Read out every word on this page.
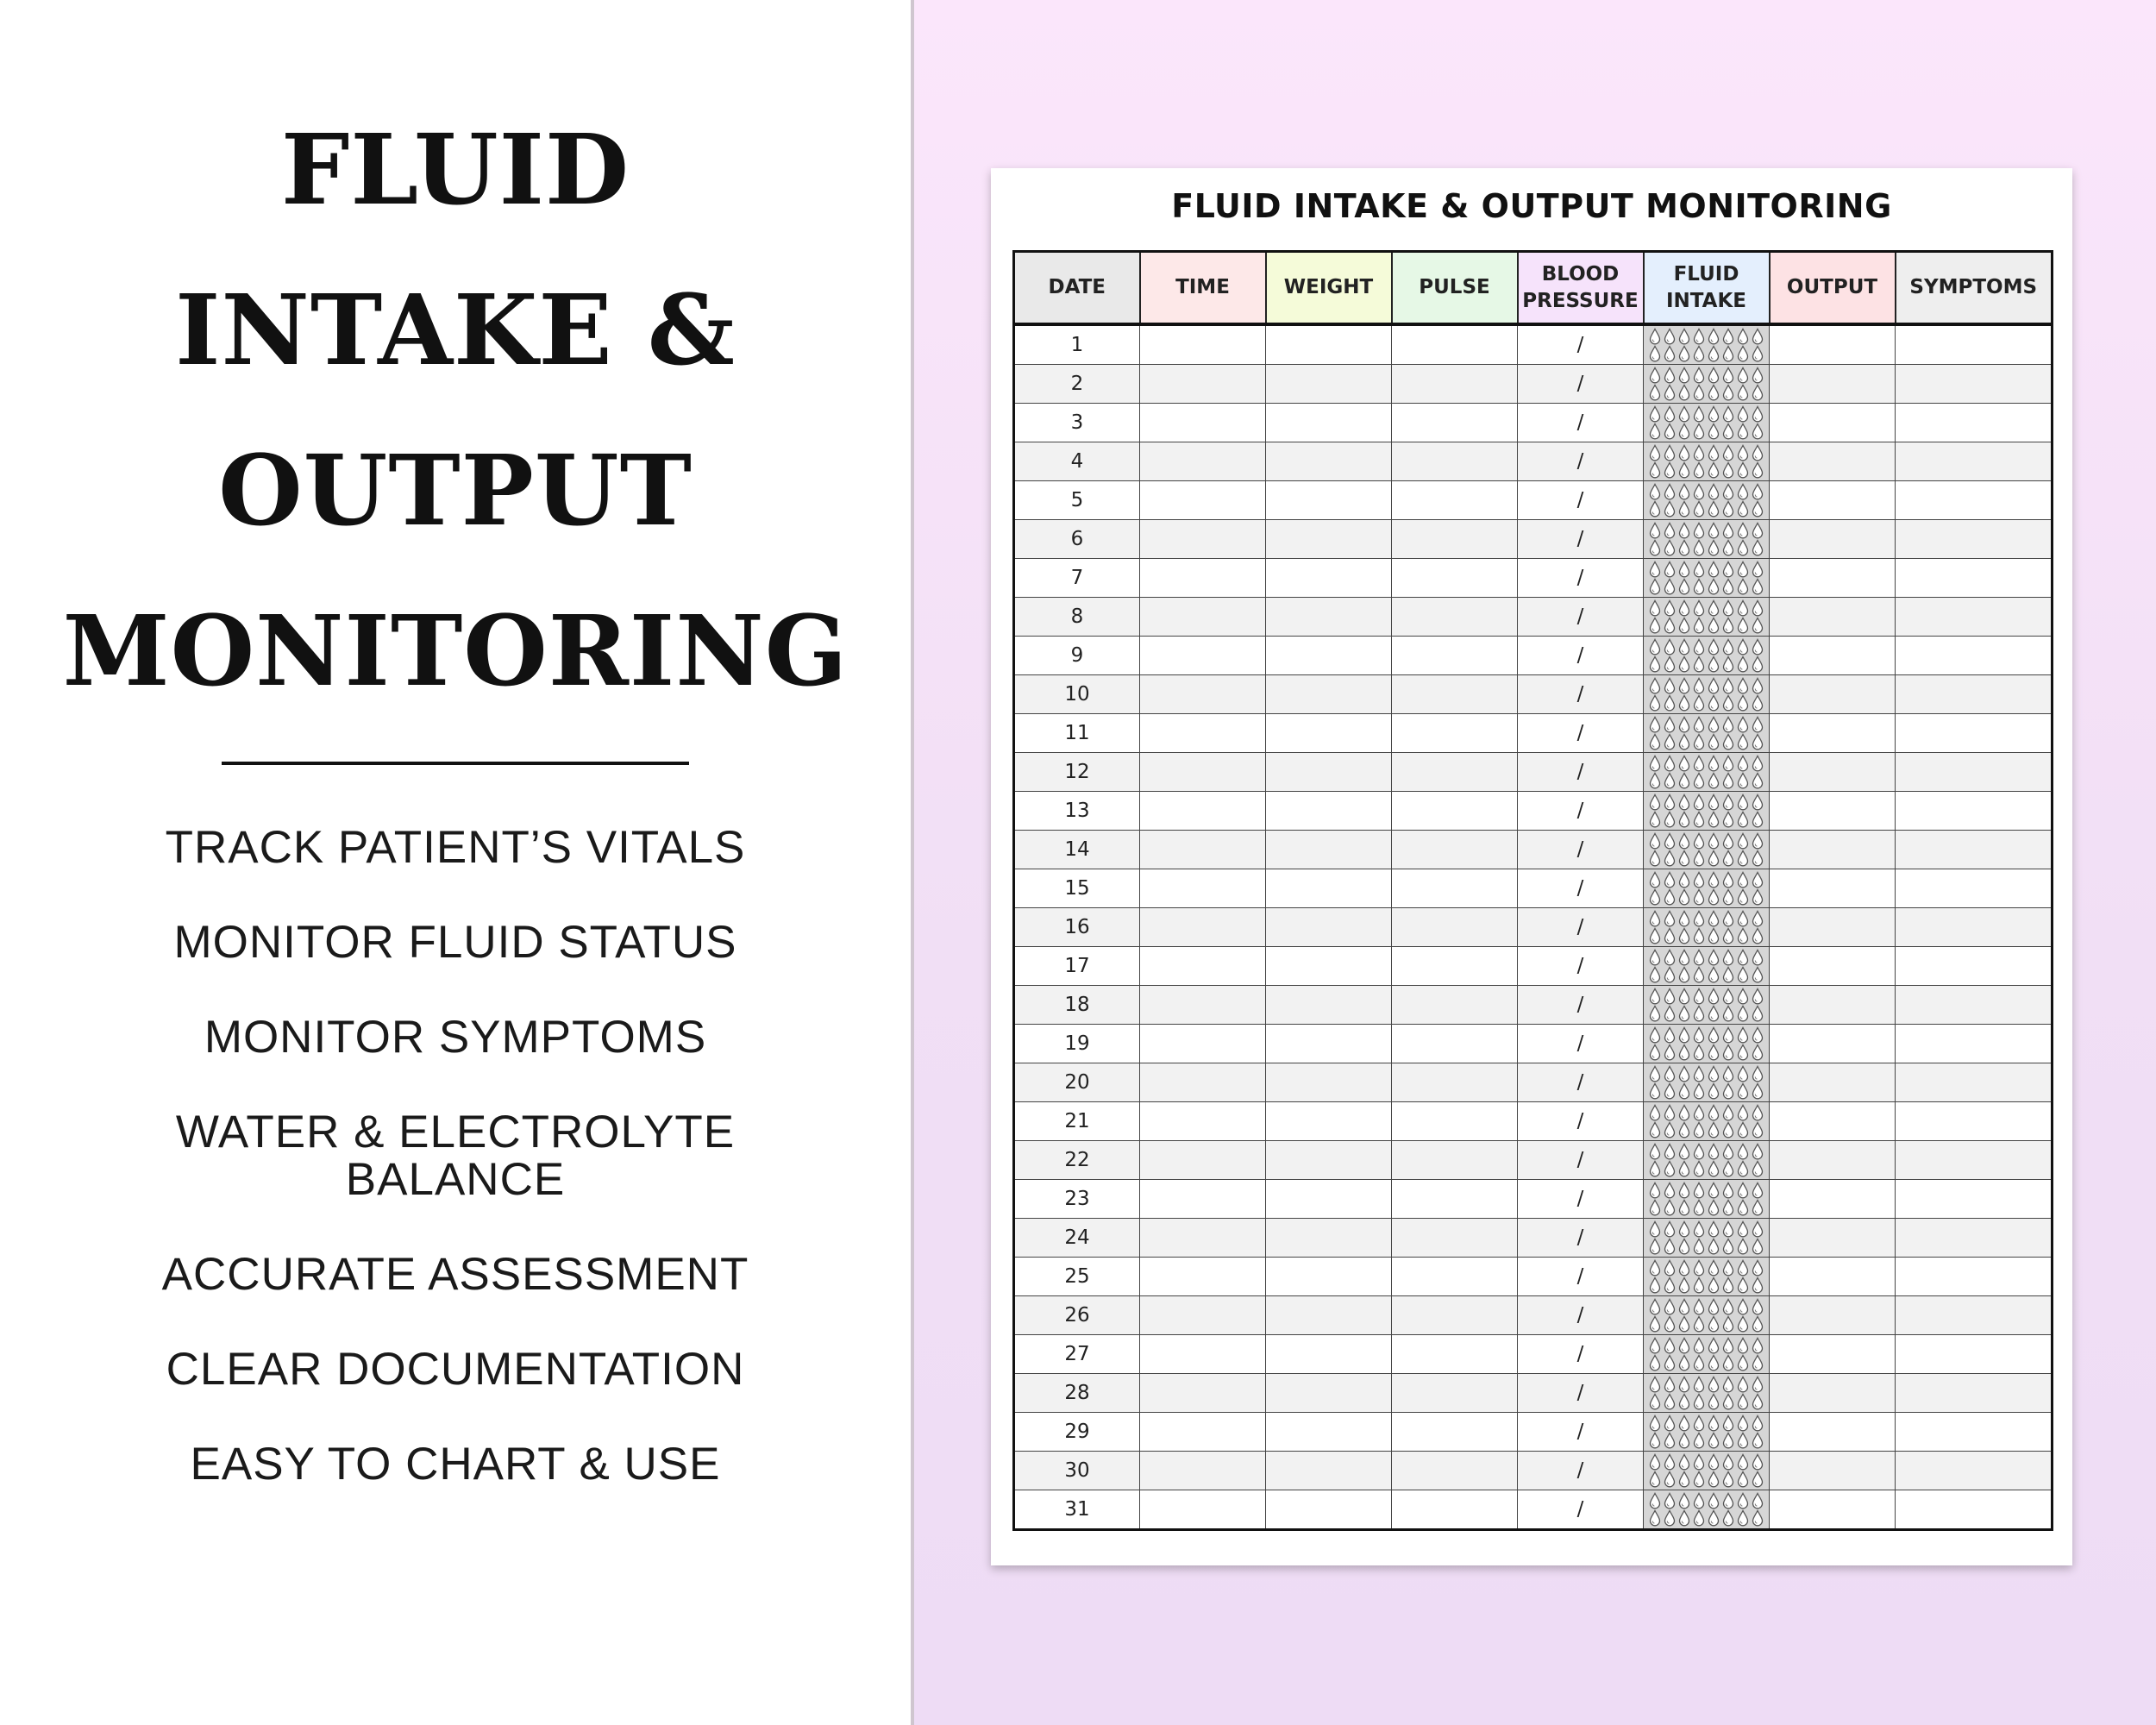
FLUID
INTAKE &
OUTPUT
MONITORING
TRACK PATIENT’S VITALS
MONITOR FLUID STATUS
MONITOR SYMPTOMS
WATER & ELECTROLYTE BALANCE
ACCURATE ASSESSMENT
CLEAR DOCUMENTATION
EASY TO CHART & USE
FLUID INTAKE & OUTPUT MONITORING
DATE	TIME	WEIGHT	PULSE	BLOOD PRESSURE	FLUID INTAKE	OUTPUT	SYMPTOMS
1				/	

2				/	

3				/	

4				/	

5				/	

6				/	

7				/	

8				/	

9				/	

10				/	

11				/	

12				/	

13				/	

14				/	

15				/	

16				/	

17				/	

18				/	

19				/	

20				/	

21				/	

22				/	

23				/	

24				/	

25				/	

26				/	

27				/	

28				/	

29				/	

30				/	

31				/	
